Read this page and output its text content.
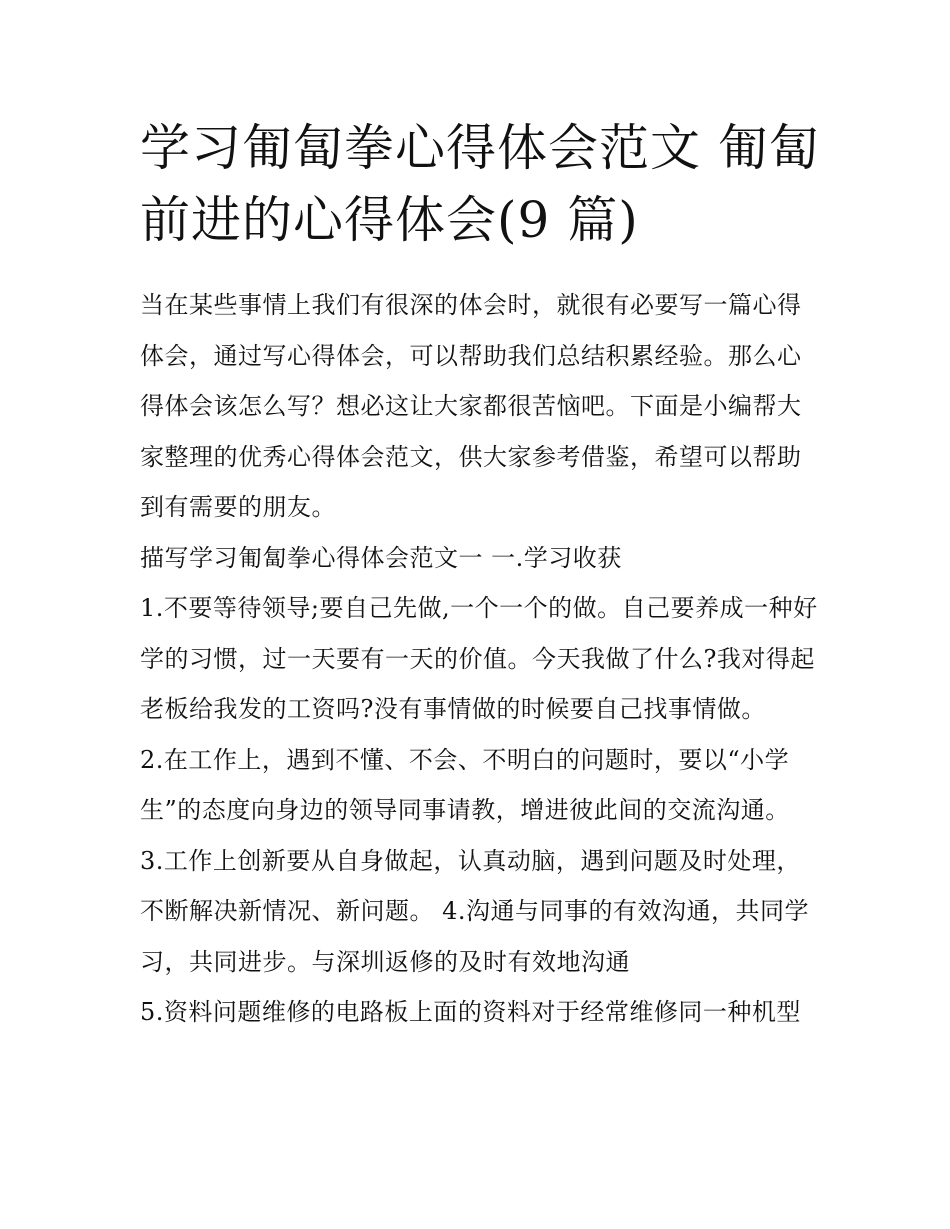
学习匍匐拳心得体会范文 匍匐
前进的心得体会(9 篇)

当在某些事情上我们有很深的体会时，就很有必要写一篇心得体会，通过写心得体会，可以帮助我们总结积累经验。那么心得体会该怎么写？想必这让大家都很苦恼吧。下面是小编帮大家整理的优秀心得体会范文，供大家参考借鉴，希望可以帮助到有需要的朋友。

描写学习匍匐拳心得体会范文一 一.学习收获

1.不要等待领导;要自己先做,一个一个的做。自己要养成一种好学的习惯，过一天要有一天的价值。今天我做了什么?我对得起老板给我发的工资吗?没有事情做的时候要自己找事情做。

2.在工作上，遇到不懂、不会、不明白的问题时，要以“小学生”的态度向身边的领导同事请教，增进彼此间的交流沟通。

3.工作上创新要从自身做起，认真动脑，遇到问题及时处理，不断解决新情况、新问题。 4.沟通与同事的有效沟通，共同学习，共同进步。与深圳返修的及时有效地沟通

5.资料问题维修的电路板上面的资料对于经常维修同一种机型
